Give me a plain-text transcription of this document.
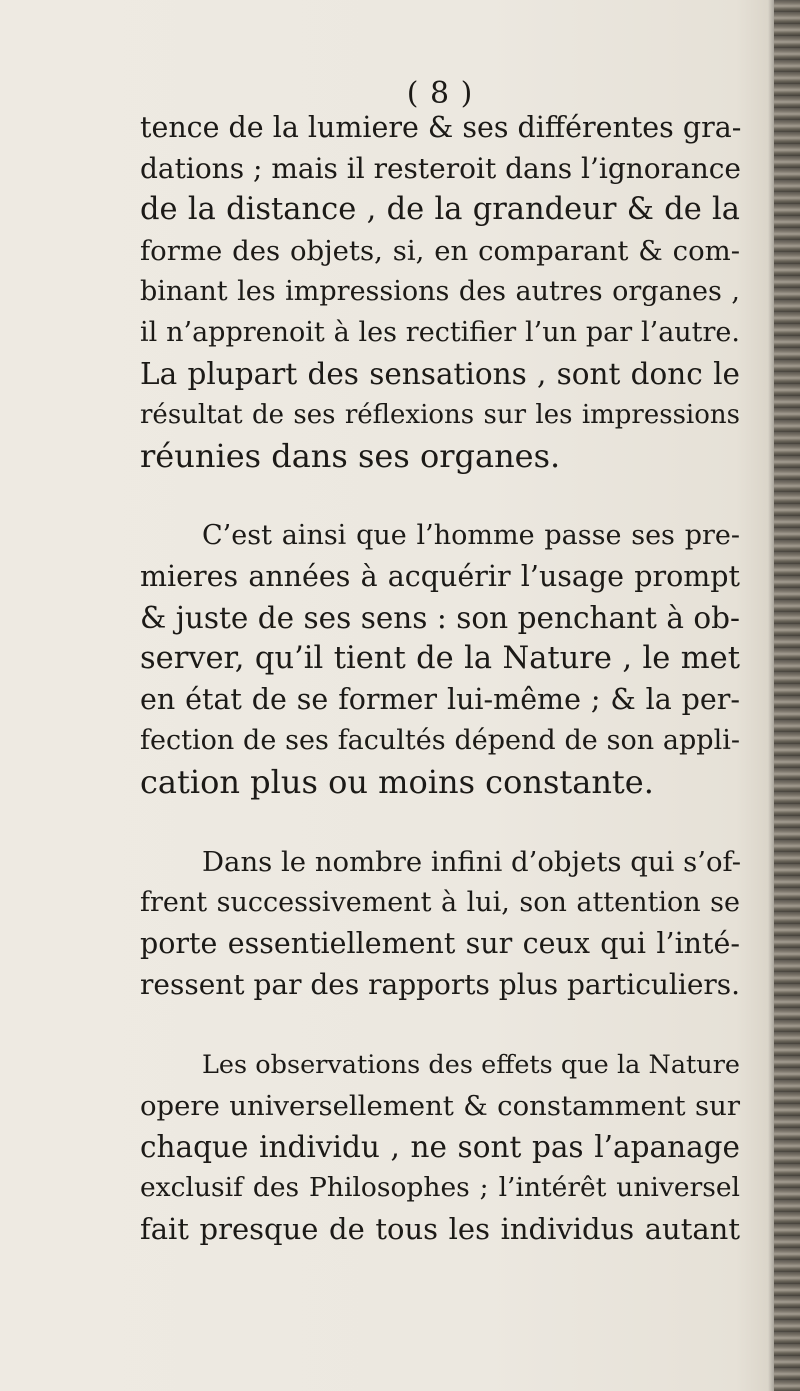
( 8 )
tence de la lumiere & ses différentes gra-
dations ; mais il resteroit dans l’ignorance
de la distance , de la grandeur & de la
forme des objets, si, en comparant & com-
binant les impressions des autres organes ,
il n’apprenoit à les rectifier l’un par l’autre.
La plupart des sensations , sont donc le
résultat de ses réflexions sur les impressions
réunies dans ses organes.
C’est ainsi que l’homme passe ses pre-
mieres années à acquérir l’usage prompt
& juste de ses sens : son penchant à ob-
server, qu’il tient de la Nature , le met
en état de se former lui-même ; & la per-
fection de ses facultés dépend de son appli-
cation plus ou moins constante.
Dans le nombre infini d’objets qui s’of-
frent successivement à lui, son attention se
porte essentiellement sur ceux qui l’inté-
ressent par des rapports plus particuliers.
Les observations des effets que la Nature
opere universellement & constamment sur
chaque individu , ne sont pas l’apanage
exclusif des Philosophes ; l’intérêt universel
fait presque de tous les individus autant
